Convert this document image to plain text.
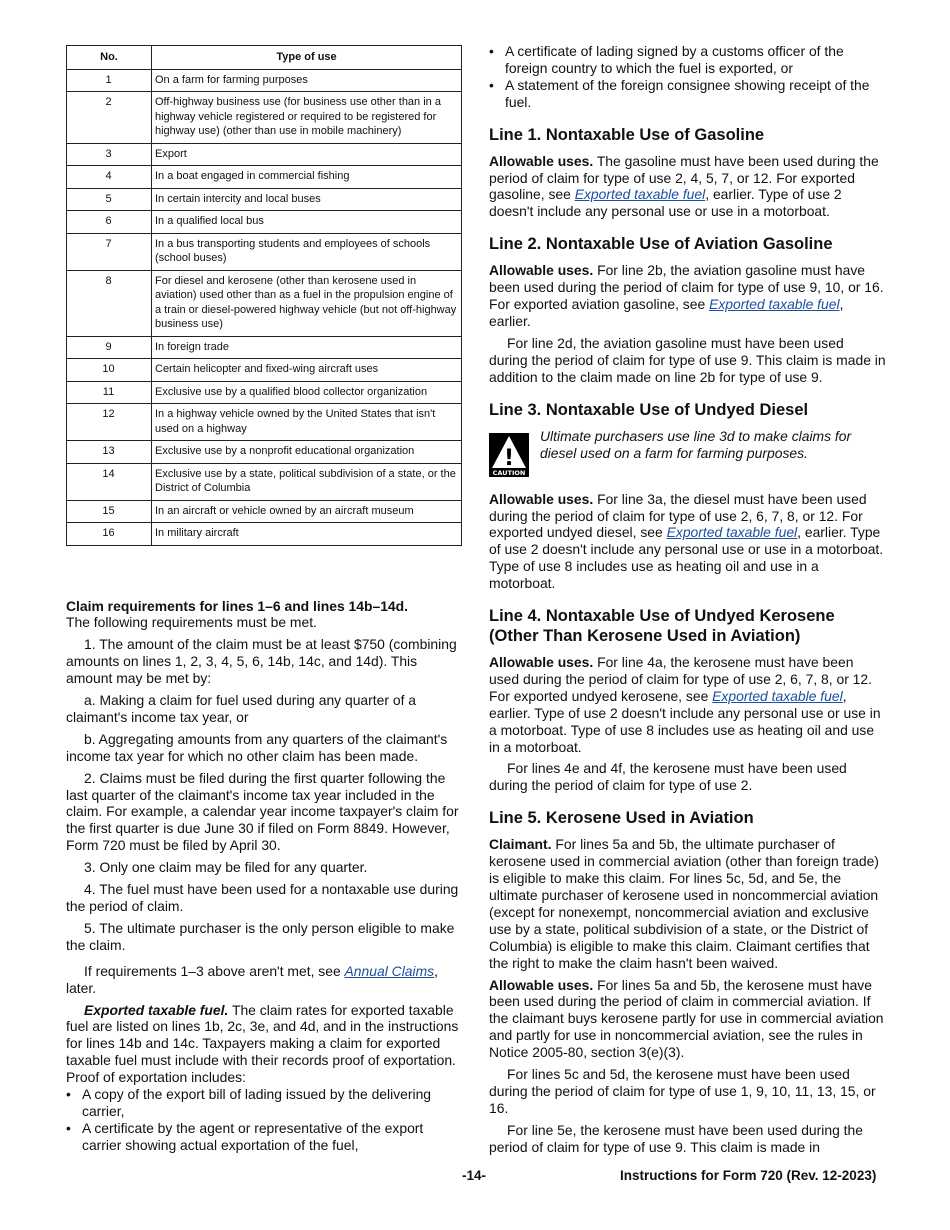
No.	Type of use
1	On a farm for farming purposes
2	Off-highway business use (for business use other than in a highway vehicle registered or required to be registered for highway use) (other than use in mobile machinery)
3	Export
4	In a boat engaged in commercial fishing
5	In certain intercity and local buses
6	In a qualified local bus
7	In a bus transporting students and employees of schools (school buses)
8	For diesel and kerosene (other than kerosene used in aviation) used other than as a fuel in the propulsion engine of a train or diesel-powered highway vehicle (but not off-highway business use)
9	In foreign trade
10	Certain helicopter and fixed-wing aircraft uses
11	Exclusive use by a qualified blood collector organization
12	In a highway vehicle owned by the United States that isn't used on a highway
13	Exclusive use by a nonprofit educational organization
14	Exclusive use by a state, political subdivision of a state, or the District of Columbia
15	In an aircraft or vehicle owned by an aircraft museum
16	In military aircraft

Claim requirements for lines 1–6 and lines 14b–14d.
The following requirements must be met.

1. The amount of the claim must be at least $750 (combining amounts on lines 1, 2, 3, 4, 5, 6, 14b, 14c, and 14d). This amount may be met by:

a. Making a claim for fuel used during any quarter of a claimant's income tax year, or

b. Aggregating amounts from any quarters of the claimant's income tax year for which no other claim has been made.

2. Claims must be filed during the first quarter following the last quarter of the claimant's income tax year included in the claim. For example, a calendar year income taxpayer's claim for the first quarter is due June 30 if filed on Form 8849. However, Form 720 must be filed by April 30.

3. Only one claim may be filed for any quarter.

4. The fuel must have been used for a nontaxable use during the period of claim.

5. The ultimate purchaser is the only person eligible to make the claim.

If requirements 1–3 above aren't met, see Annual Claims, later.

Exported taxable fuel. The claim rates for exported taxable fuel are listed on lines 1b, 2c, 3e, and 4d, and in the instructions for lines 14b and 14c. Taxpayers making a claim for exported taxable fuel must include with their records proof of exportation. Proof of exportation includes:

• A copy of the export bill of lading issued by the delivering carrier,
• A certificate by the agent or representative of the export carrier showing actual exportation of the fuel,
• A certificate of lading signed by a customs officer of the foreign country to which the fuel is exported, or
• A statement of the foreign consignee showing receipt of the fuel.
Line 1. Nontaxable Use of Gasoline

Allowable uses. The gasoline must have been used during the period of claim for type of use 2, 4, 5, 7, or 12. For exported gasoline, see Exported taxable fuel, earlier. Type of use 2 doesn't include any personal use or use in a motorboat.

Line 2. Nontaxable Use of Aviation Gasoline

Allowable uses. For line 2b, the aviation gasoline must have been used during the period of claim for type of use 9, 10, or 16. For exported aviation gasoline, see Exported taxable fuel, earlier.

For line 2d, the aviation gasoline must have been used during the period of claim for type of use 9. This claim is made in addition to the claim made on line 2b for type of use 9.

Line 3. Nontaxable Use of Undyed Diesel
!
CAUTION
Ultimate purchasers use line 3d to make claims for diesel used on a farm for farming purposes.

Allowable uses. For line 3a, the diesel must have been used during the period of claim for type of use 2, 6, 7, 8, or 12. For exported undyed diesel, see Exported taxable fuel, earlier. Type of use 2 doesn't include any personal use or use in a motorboat. Type of use 8 includes use as heating oil and use in a motorboat.

Line 4. Nontaxable Use of Undyed Kerosene (Other Than Kerosene Used in Aviation)

Allowable uses. For line 4a, the kerosene must have been used during the period of claim for type of use 2, 6, 7, 8, or 12. For exported undyed kerosene, see Exported taxable fuel, earlier. Type of use 2 doesn't include any personal use or use in a motorboat. Type of use 8 includes use as heating oil and use in a motorboat.

For lines 4e and 4f, the kerosene must have been used during the period of claim for type of use 2.

Line 5. Kerosene Used in Aviation

Claimant. For lines 5a and 5b, the ultimate purchaser of kerosene used in commercial aviation (other than foreign trade) is eligible to make this claim. For lines 5c, 5d, and 5e, the ultimate purchaser of kerosene used in noncommercial aviation (except for nonexempt, noncommercial aviation and exclusive use by a state, political subdivision of a state, or the District of Columbia) is eligible to make this claim. Claimant certifies that the right to make the claim hasn't been waived.

Allowable uses. For lines 5a and 5b, the kerosene must have been used during the period of claim in commercial aviation. If the claimant buys kerosene partly for use in commercial aviation and partly for use in noncommercial aviation, see the rules in Notice 2005-80, section 3(e)(3).

For lines 5c and 5d, the kerosene must have been used during the period of claim for type of use 1, 9, 10, 11, 13, 15, or 16.

For line 5e, the kerosene must have been used during the period of claim for type of use 9. This claim is made in

-14-	Instructions for Form 720 (Rev. 12-2023)
